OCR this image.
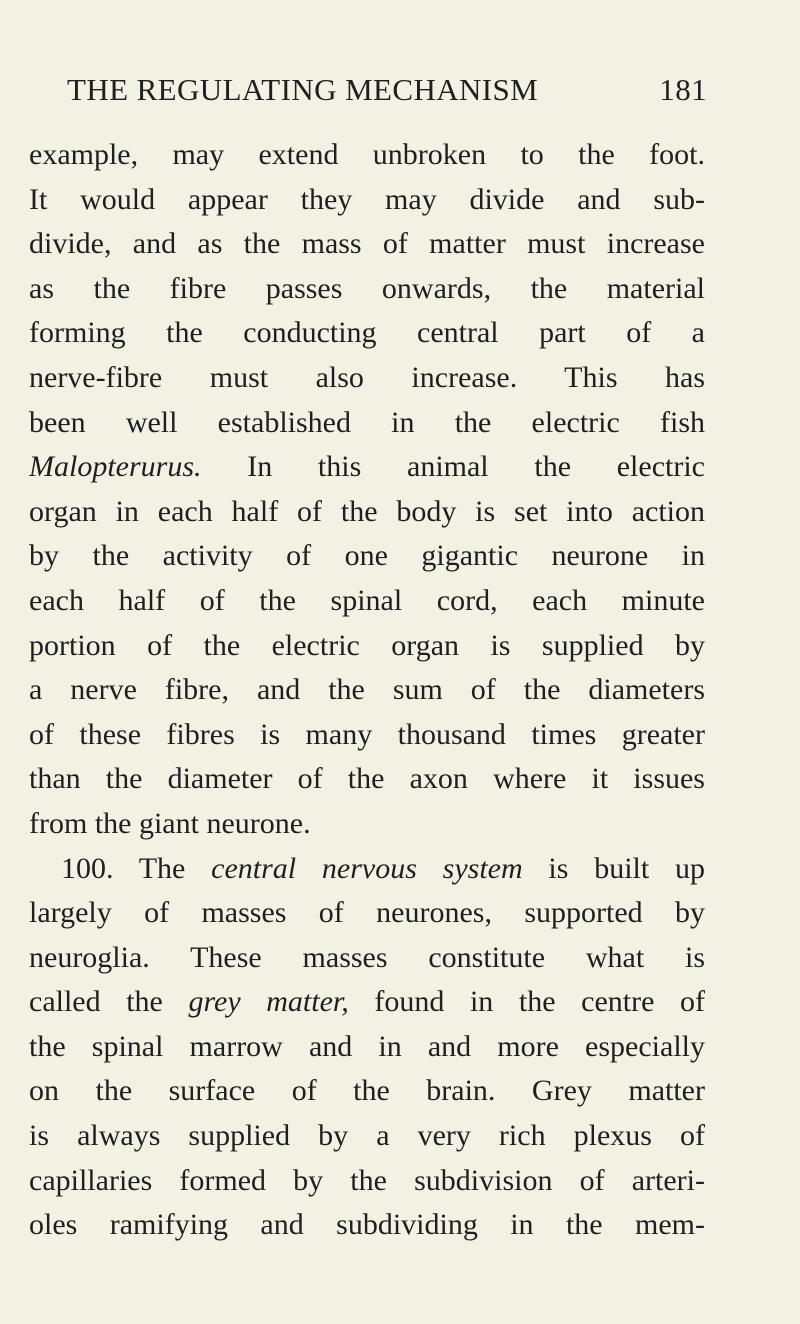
THE REGULATING MECHANISM	181
example, may extend unbroken to the foot.
It would appear they may divide and sub-
divide, and as the mass of matter must increase
as the fibre passes onwards, the material
forming the conducting central part of a
nerve-fibre must also increase. This has
been well established in the electric fish
Malopterurus. In this animal the electric
organ in each half of the body is set into action
by the activity of one gigantic neurone in
each half of the spinal cord, each minute
portion of the electric organ is supplied by
a nerve fibre, and the sum of the diameters
of these fibres is many thousand times greater
than the diameter of the axon where it issues
from the giant neurone.
100. The central nervous system is built up
largely of masses of neurones, supported by
neuroglia. These masses constitute what is
called the grey matter, found in the centre of
the spinal marrow and in and more especially
on the surface of the brain. Grey matter
is always supplied by a very rich plexus of
capillaries formed by the subdivision of arteri-
oles ramifying and subdividing in the mem-
